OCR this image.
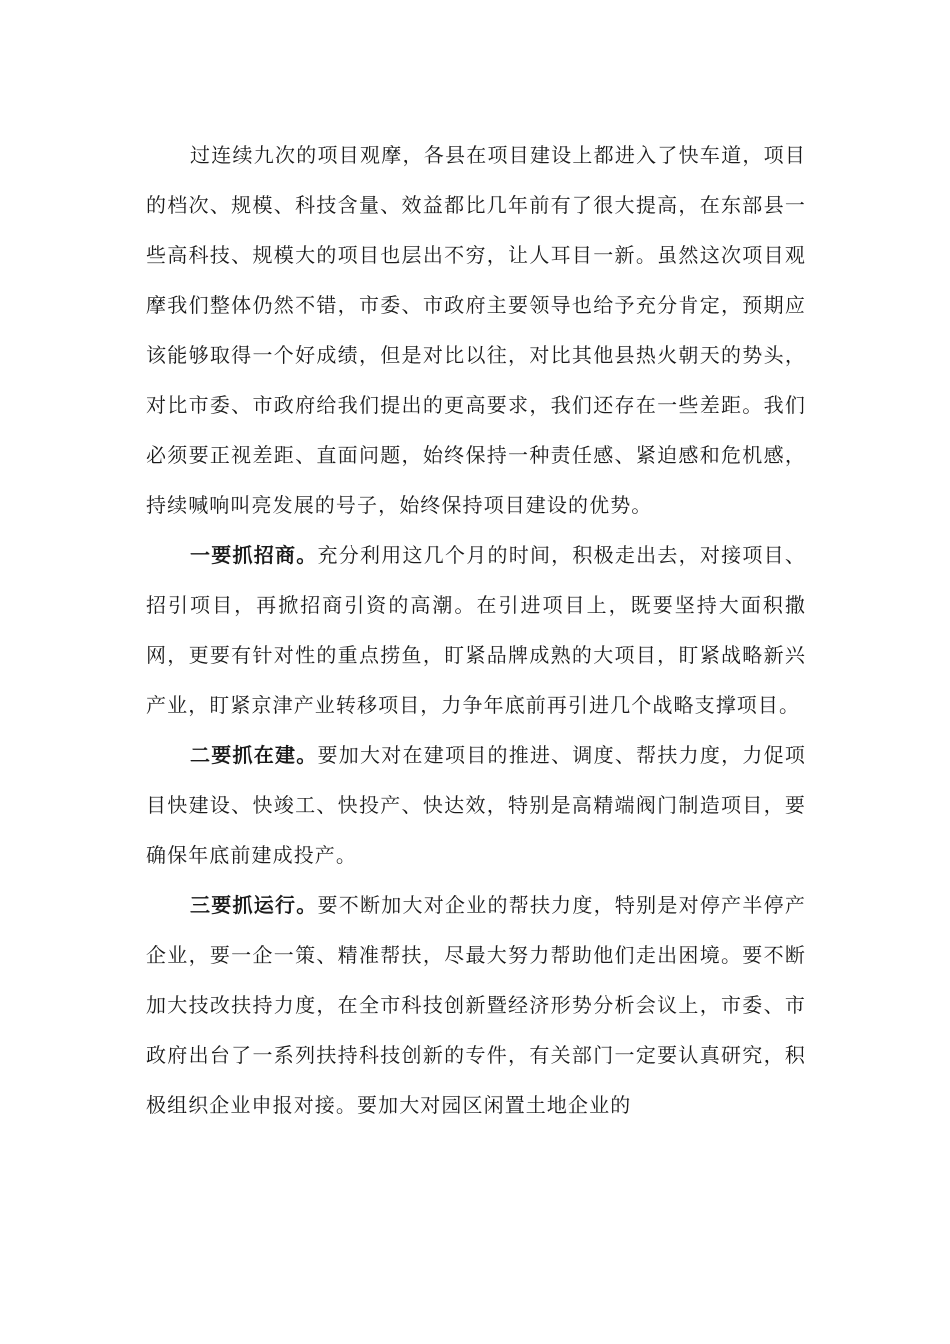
过连续九次的项目观摩，各县在项目建设上都进入了快车道，项目的档次、规模、科技含量、效益都比几年前有了很大提高，在东部县一些高科技、规模大的项目也层出不穷，让人耳目一新。虽然这次项目观摩我们整体仍然不错，市委、市政府主要领导也给予充分肯定，预期应该能够取得一个好成绩，但是对比以往，对比其他县热火朝天的势头，对比市委、市政府给我们提出的更高要求，我们还存在一些差距。我们必须要正视差距、直面问题，始终保持一种责任感、紧迫感和危机感，持续喊响叫亮发展的号子，始终保持项目建设的优势。

一要抓招商。充分利用这几个月的时间，积极走出去，对接项目、招引项目，再掀招商引资的高潮。在引进项目上，既要坚持大面积撒网，更要有针对性的重点捞鱼，盯紧品牌成熟的大项目，盯紧战略新兴产业，盯紧京津产业转移项目，力争年底前再引进几个战略支撑项目。

二要抓在建。要加大对在建项目的推进、调度、帮扶力度，力促项目快建设、快竣工、快投产、快达效，特别是高精端阀门制造项目，要确保年底前建成投产。

三要抓运行。要不断加大对企业的帮扶力度，特别是对停产半停产企业，要一企一策、精准帮扶，尽最大努力帮助他们走出困境。要不断加大技改扶持力度，在全市科技创新暨经济形势分析会议上，市委、市政府出台了一系列扶持科技创新的专件，有关部门一定要认真研究，积极组织企业申报对接。要加大对园区闲置土地企业的
